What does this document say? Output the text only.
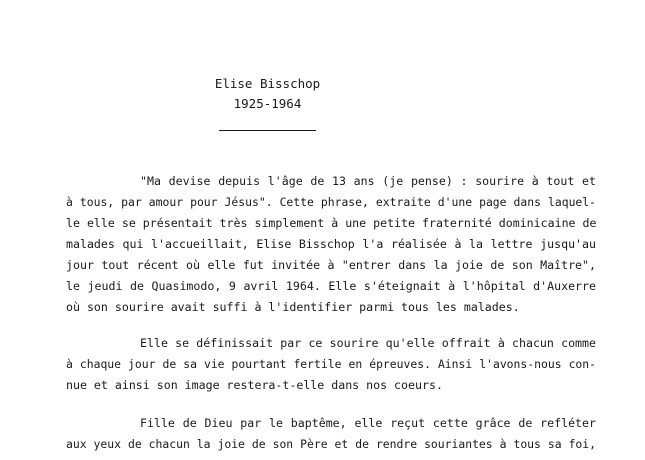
Elise Bisschop
1925-1964
"Ma devise depuis l'âge de 13 ans (je pense) : sourire à tout et
à tous, par amour pour Jésus". Cette phrase, extraite d'une page dans laquel-
le elle se présentait très simplement à une petite fraternité dominicaine de
malades qui l'accueillait, Elise Bisschop l'a réalisée à la lettre jusqu'au
jour tout récent où elle fut invitée à "entrer dans la joie de son Maître",
le jeudi de Quasimodo, 9 avril 1964. Elle s'éteignait à l'hôpital d'Auxerre
où son sourire avait suffi à l'identifier parmi tous les malades.
Elle se définissait par ce sourire qu'elle offrait à chacun comme
à chaque jour de sa vie pourtant fertile en épreuves. Ainsi l'avons-nous con-
nue et ainsi son image restera-t-elle dans nos coeurs.
Fille de Dieu par le baptême, elle reçut cette grâce de refléter
aux yeux de chacun la joie de son Père et de rendre souriantes à tous sa foi,
